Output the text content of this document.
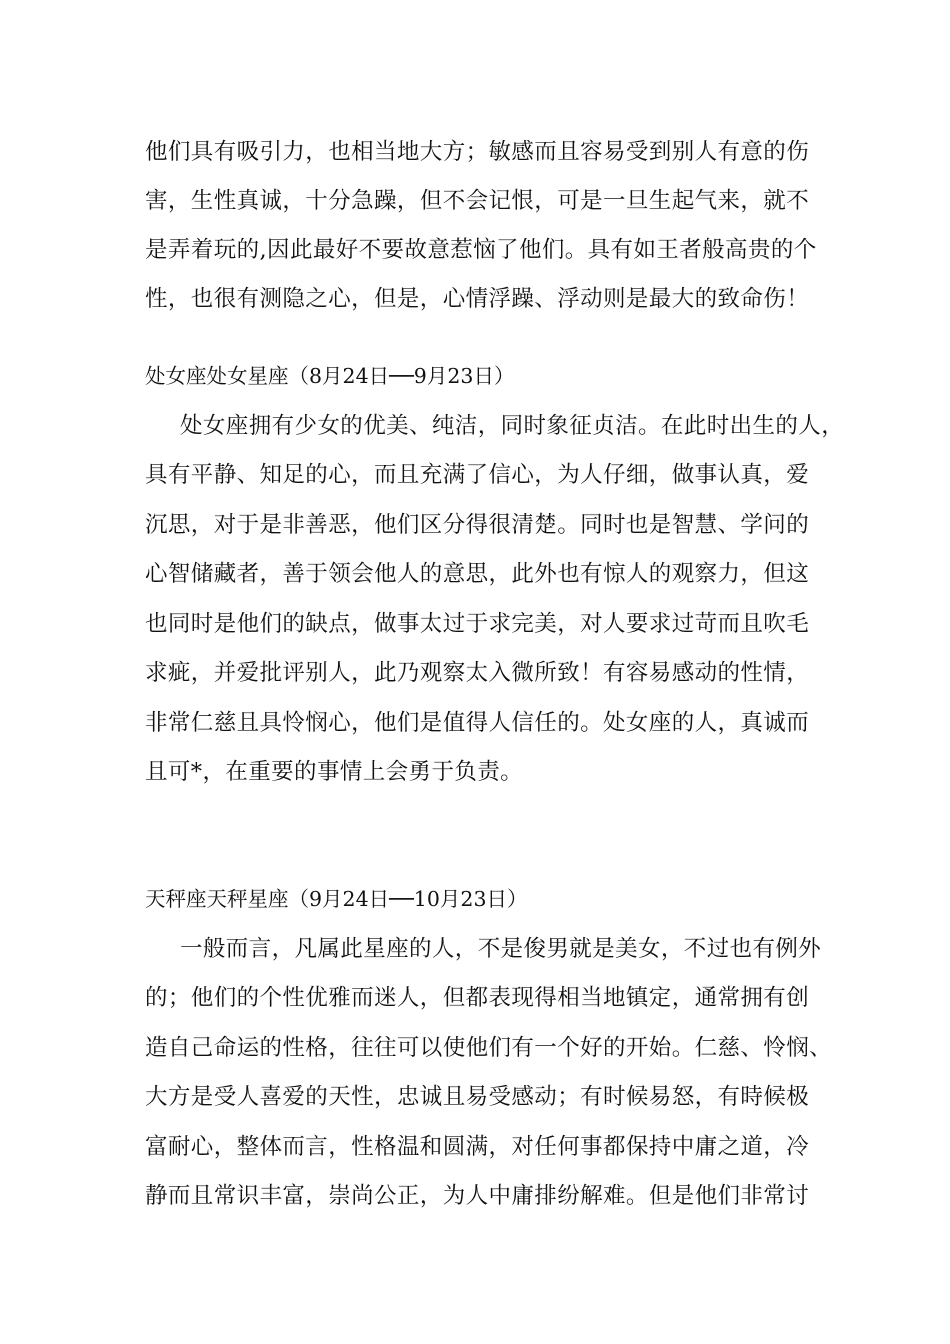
他们具有吸引力，也相当地大方；敏感而且容易受到别人有意的伤
害，生性真诚，十分急躁，但不会记恨，可是一旦生起气来，就不
是弄着玩的,因此最好不要故意惹恼了他们。具有如王者般高贵的个
性，也很有测隐之心，但是，心情浮躁、浮动则是最大的致命伤！
处女座处女星座（8月24日──9月23日）
处女座拥有少女的优美、纯洁，同时象征贞洁。在此时出生的人，
具有平静、知足的心，而且充满了信心，为人仔细，做事认真，爱
沉思，对于是非善恶，他们区分得很清楚。同时也是智慧、学问的
心智储藏者，善于领会他人的意思，此外也有惊人的观察力，但这
也同时是他们的缺点，做事太过于求完美，对人要求过苛而且吹毛
求疵，并爱批评别人，此乃观察太入微所致！有容易感动的性情，
非常仁慈且具怜悯心，他们是值得人信任的。处女座的人，真诚而
且可*，在重要的事情上会勇于负责。
天秤座天秤星座（9月24日──10月23日）
一般而言，凡属此星座的人，不是俊男就是美女，不过也有例外
的；他们的个性优雅而迷人，但都表现得相当地镇定，通常拥有创
造自己命运的性格，往往可以使他们有一个好的开始。仁慈、怜悯、
大方是受人喜爱的天性，忠诚且易受感动；有时候易怒，有時候极
富耐心，整体而言，性格温和圆满，对任何事都保持中庸之道，冷
静而且常识丰富，崇尚公正，为人中庸排纷解难。但是他们非常讨
